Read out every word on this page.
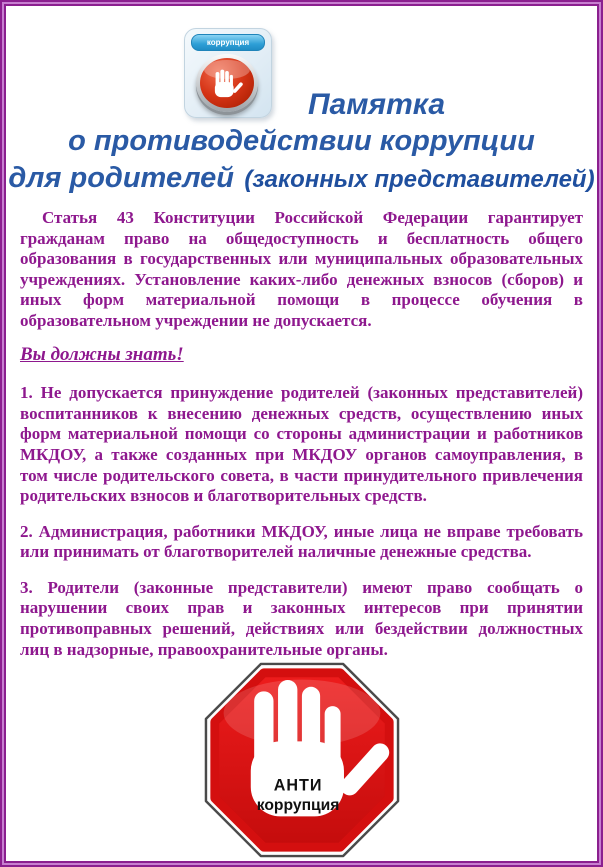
коррупция
Памятка
о противодействии коррупции
для родителей (законных представителей)

Статья 43 Конституции Российской Федерации гарантирует гражданам право на общедоступность и бесплатность общего образования в государственных или муниципальных образовательных учреждениях. Установление каких-либо денежных взносов (сборов) и иных форм материальной помощи в процессе обучения в образовательном учреждении не допускается.

Вы должны знать!

1. Не допускается принуждение родителей (законных представителей) воспитанников к внесению денежных средств, осуществлению иных форм материальной помощи со стороны администрации и работников МКДОУ, а также созданных при МКДОУ органов самоуправления, в том числе родительского совета, в части принудительного привлечения родительских взносов и благотворительных средств.

2. Администрация, работники МКДОУ, иные лица не вправе требовать или принимать от благотворителей наличные денежные средства.

3. Родители (законные представители) имеют право сообщать о нарушении своих прав и законных интересов при принятии противоправных решений, действиях или бездействии должностных лиц в надзорные, правоохранительные органы.

АНТИ
коррупция
